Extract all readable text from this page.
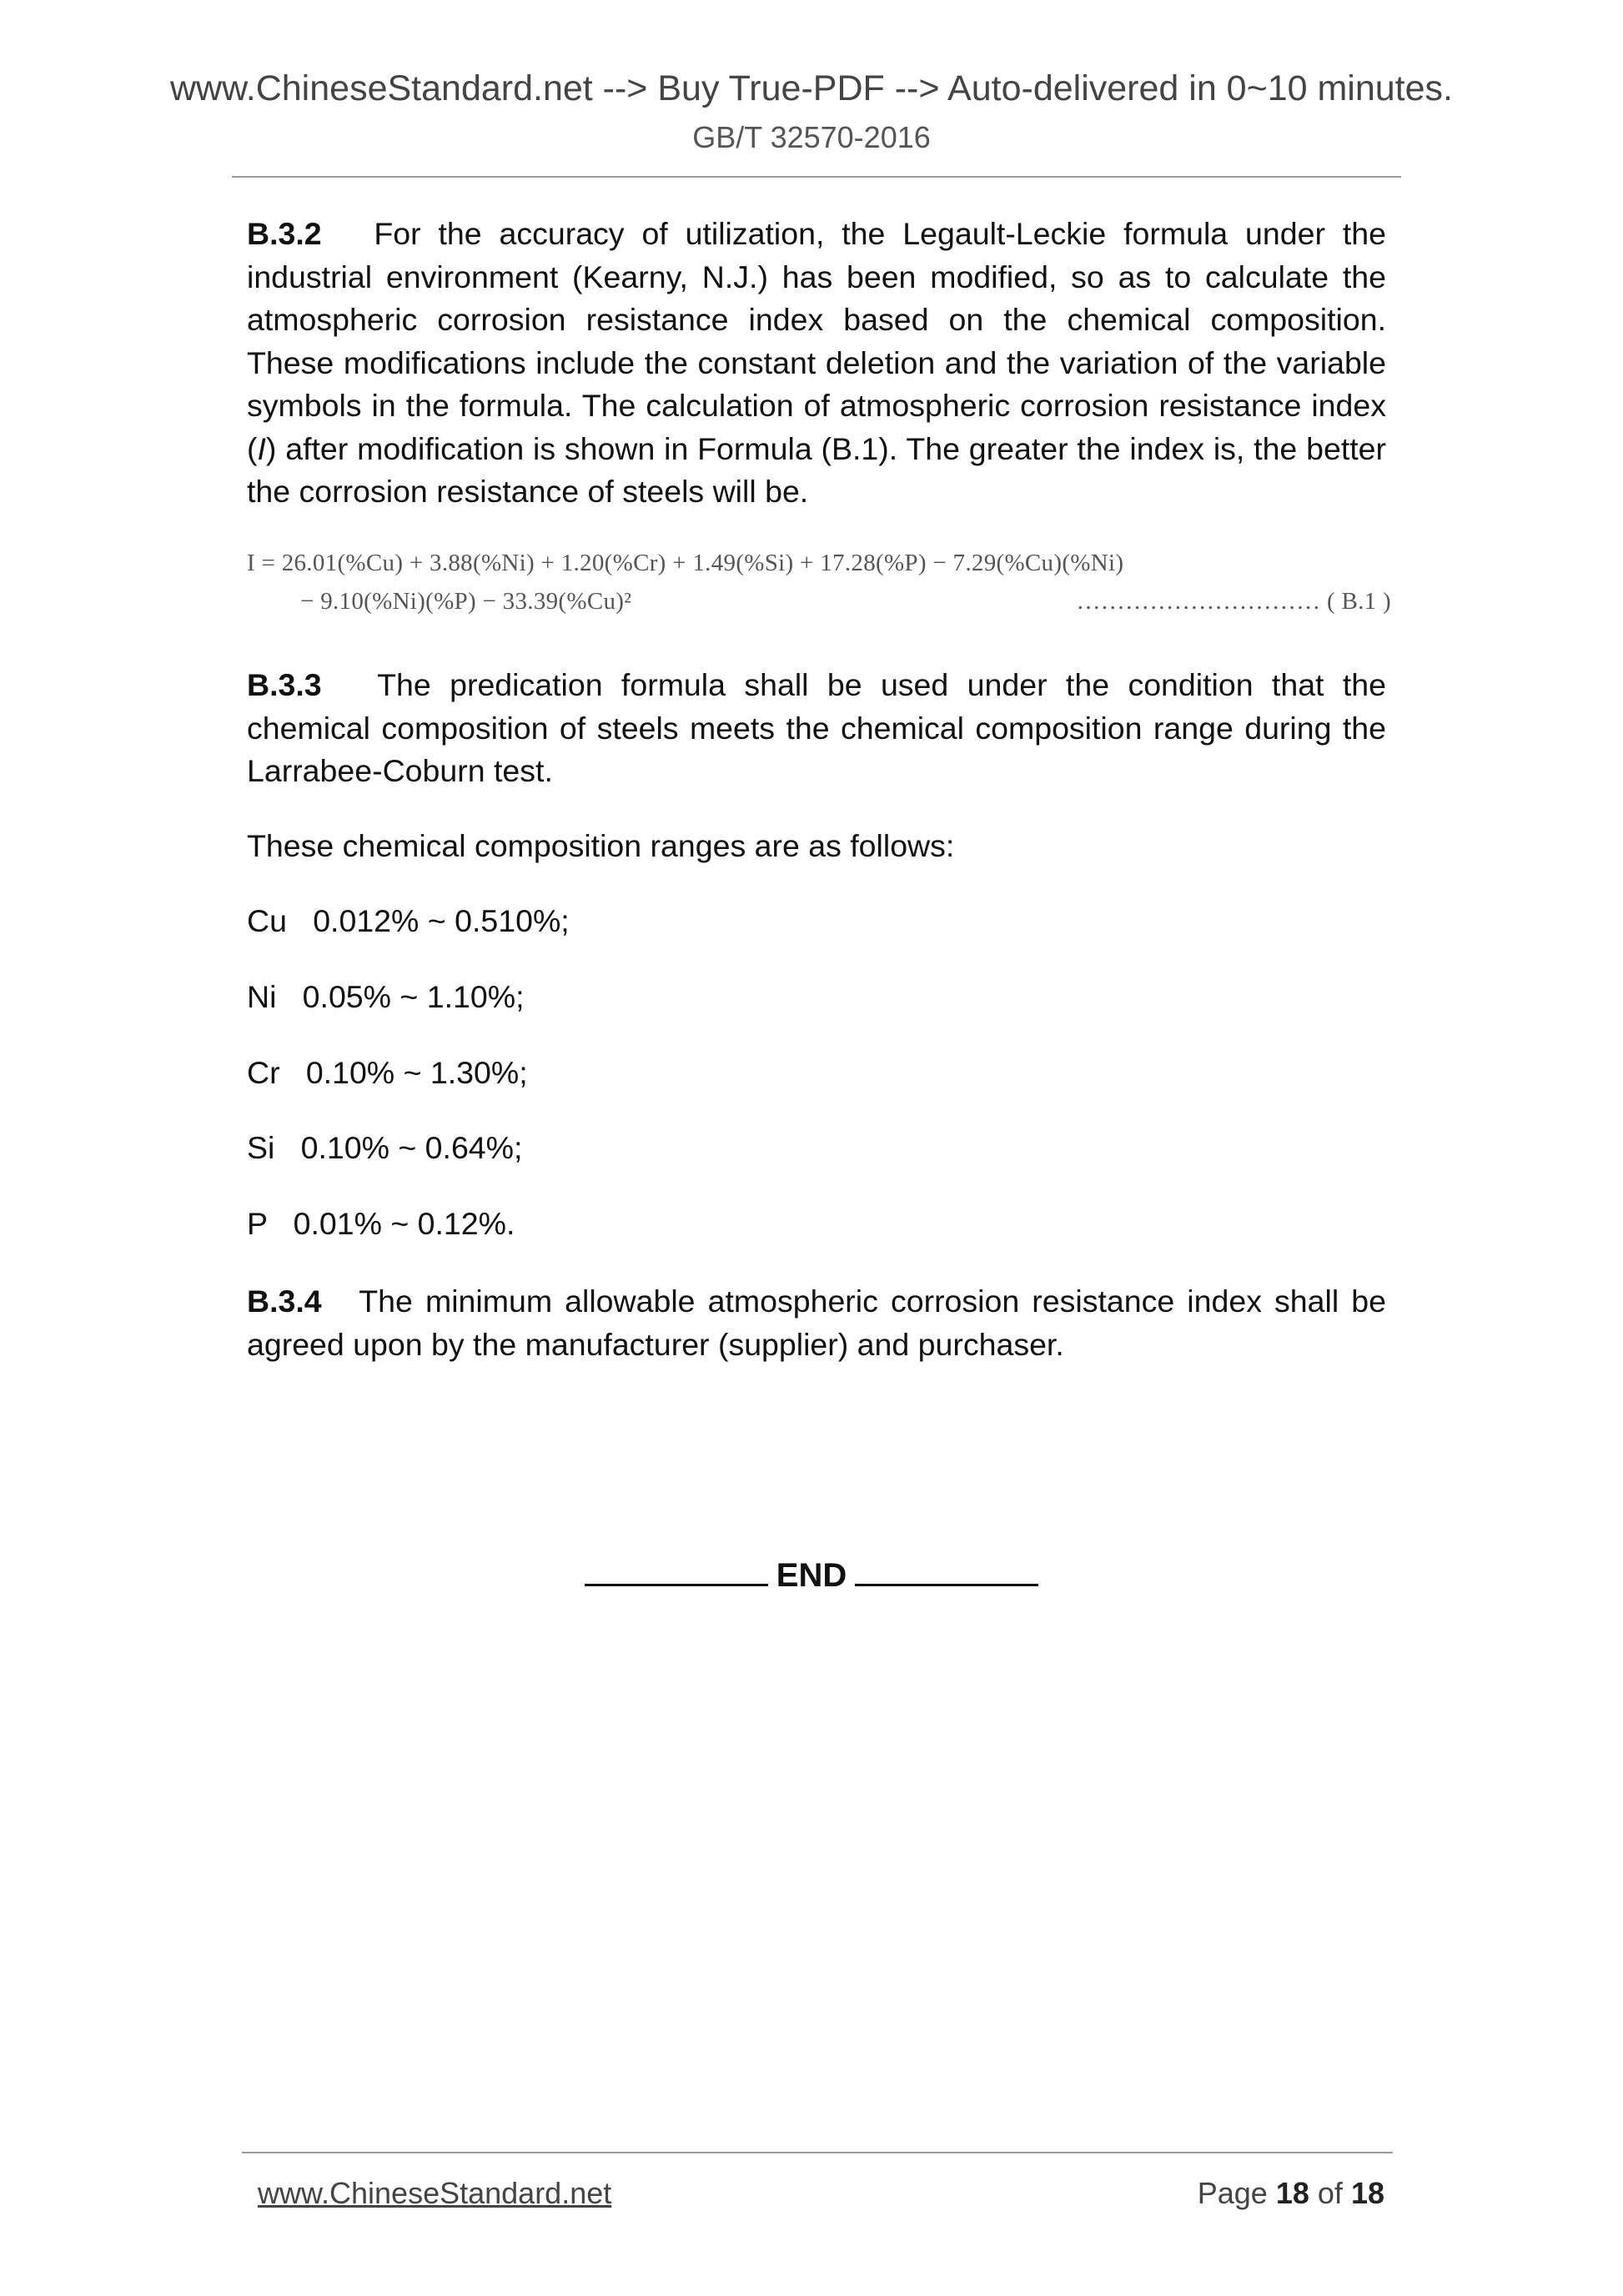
www.ChineseStandard.net --> Buy True-PDF --> Auto-delivered in 0~10 minutes.
GB/T 32570-2016
B.3.2 For the accuracy of utilization, the Legault-Leckie formula under the industrial environment (Kearny, N.J.) has been modified, so as to calculate the atmospheric corrosion resistance index based on the chemical composition. These modifications include the constant deletion and the variation of the variable symbols in the formula. The calculation of atmospheric corrosion resistance index (I) after modification is shown in Formula (B.1). The greater the index is, the better the corrosion resistance of steels will be.
I = 26.01(%Cu) + 3.88(%Ni) + 1.20(%Cr) + 1.49(%Si) + 17.28(%P) − 7.29(%Cu)(%Ni)
− 9.10(%Ni)(%P) − 33.39(%Cu)²	………………………… ( B.1 )
B.3.3 The predication formula shall be used under the condition that the chemical composition of steels meets the chemical composition range during the Larrabee-Coburn test.
These chemical composition ranges are as follows:
Cu   0.012% ~ 0.510%;
Ni   0.05% ~ 1.10%;
Cr   0.10% ~ 1.30%;
Si   0.10% ~ 0.64%;
P   0.01% ~ 0.12%.
B.3.4 The minimum allowable atmospheric corrosion resistance index shall be agreed upon by the manufacturer (supplier) and purchaser.
END
www.ChineseStandard.net	Page 18 of 18
